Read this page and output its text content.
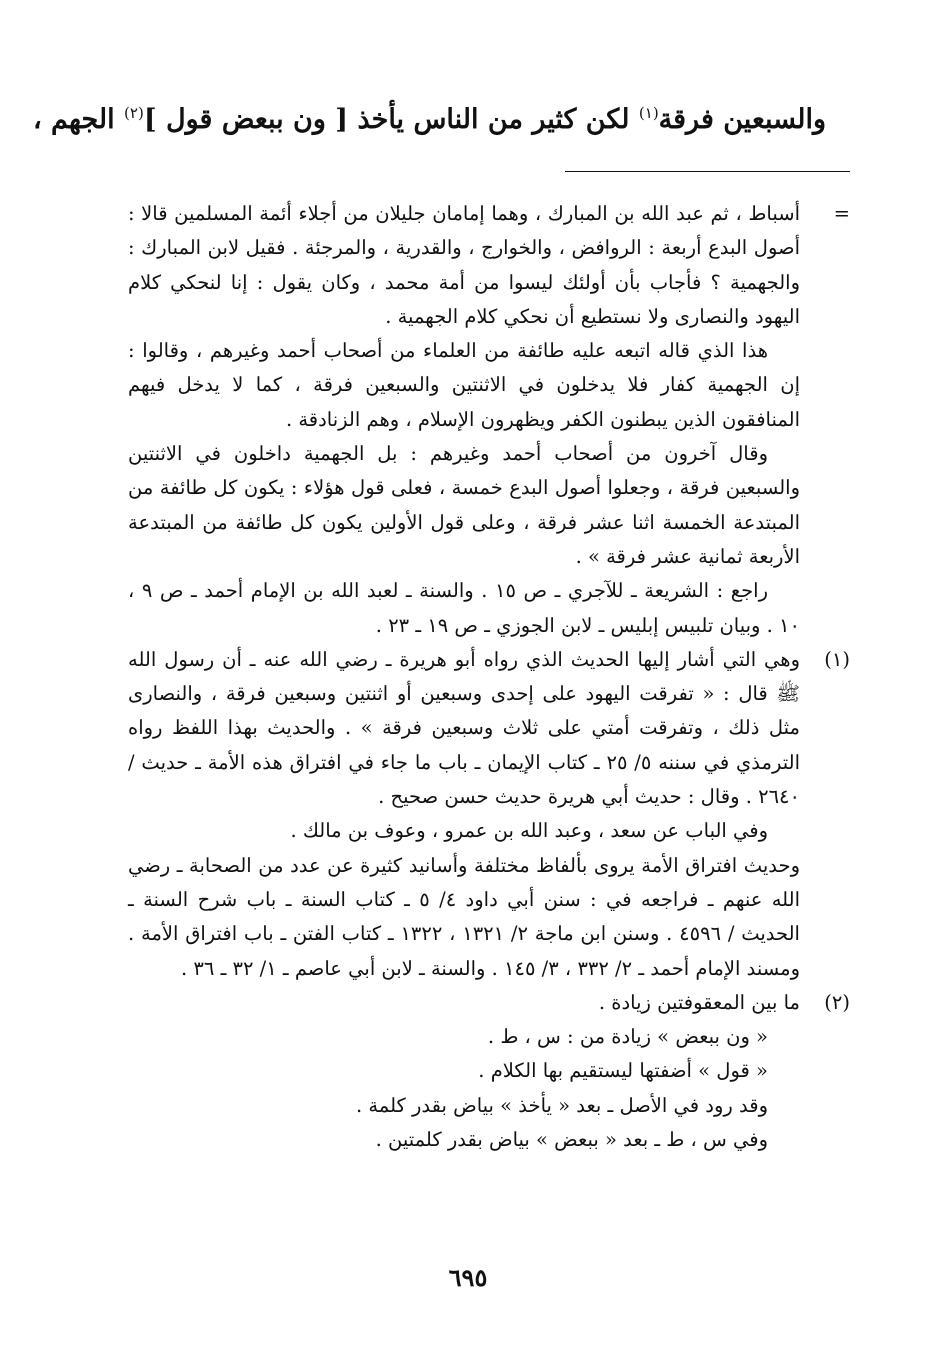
والسبعين فرقة$^{(١)}$ لكن كثير من الناس يأخذ [ ون ببعض قول ]$^{(٢)}$ الجهم ،
=

أسباط ، ثم عبد الله بن المبارك ، وهما إمامان جليلان من أجلاء أئمة المسلمين قالا : أصول البدع أربعة : الروافض ، والخوارج ، والقدرية ، والمرجئة . فقيل لابن المبارك : والجهمية ؟ فأجاب بأن أولئك ليسوا من أمة محمد ، وكان يقول : إنا لنحكي كلام اليهود والنصارى ولا نستطيع أن نحكي كلام الجهمية .

هذا الذي قاله اتبعه عليه طائفة من العلماء من أصحاب أحمد وغيرهم ، وقالوا : إن الجهمية كفار فلا يدخلون في الاثنتين والسبعين فرقة ، كما لا يدخل فيهم المنافقون الذين يبطنون الكفر ويظهرون الإسلام ، وهم الزنادقة .

وقال آخرون من أصحاب أحمد وغيرهم : بل الجهمية داخلون في الاثنتين والسبعين فرقة ، وجعلوا أصول البدع خمسة ، فعلى قول هؤلاء : يكون كل طائفة من المبتدعة الخمسة اثنا عشر فرقة ، وعلى قول الأولين يكون كل طائفة من المبتدعة الأربعة ثمانية عشر فرقة » .

راجع : الشريعة ـ للآجري ـ ص ١٥ . والسنة ـ لعبد الله بن الإمام أحمد ـ ص ٩ ، ١٠ . وبيان تلبيس إبليس ـ لابن الجوزي ـ ص ١٩ ـ ٢٣ .

(١)

وهي التي أشار إليها الحديث الذي رواه أبو هريرة ـ رضي الله عنه ـ أن رسول الله ﷺ قال : « تفرقت اليهود على إحدى وسبعين أو اثنتين وسبعين فرقة ، والنصارى مثل ذلك ، وتفرقت أمتي على ثلاث وسبعين فرقة » . والحديث بهذا اللفظ رواه الترمذي في سننه ٥/ ٢٥ ـ كتاب الإيمان ـ باب ما جاء في افتراق هذه الأمة ـ حديث / ٢٦٤٠ . وقال : حديث أبي هريرة حديث حسن صحيح .

وفي الباب عن سعد ، وعبد الله بن عمرو ، وعوف بن مالك .

وحديث افتراق الأمة يروى بألفاظ مختلفة وأسانيد كثيرة عن عدد من الصحابة ـ رضي الله عنهم ـ فراجعه في : سنن أبي داود ٤/ ٥ ـ كتاب السنة ـ باب شرح السنة ـ الحديث / ٤٥٩٦ . وسنن ابن ماجة ٢/ ١٣٢١ ، ١٣٢٢ ـ كتاب الفتن ـ باب افتراق الأمة . ومسند الإمام أحمد ـ ٢/ ٣٣٢ ، ٣/ ١٤٥ . والسنة ـ لابن أبي عاصم ـ ١/ ٣٢ ـ ٣٦ .

(٢)

ما بين المعقوفتين زيادة .

« ون ببعض » زيادة من : س ، ط .

« قول » أضفتها ليستقيم بها الكلام .

وقد رود في الأصل ـ بعد « يأخذ » بياض بقدر كلمة .

وفي س ، ط ـ بعد « ببعض » بياض بقدر كلمتين .

٦٩٥
